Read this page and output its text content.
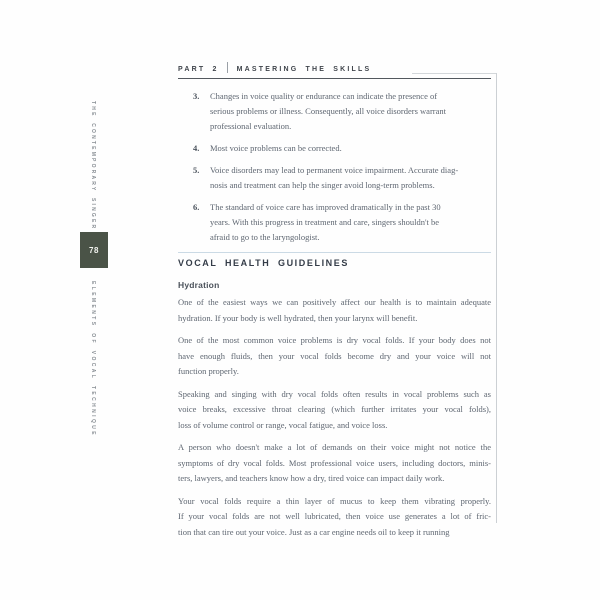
THE CONTEMPORARY SINGER
78
ELEMENTS OF VOCAL TECHNIQUE
PART 2	MASTERING THE SKILLS
3.	Changes in voice quality or endurance can indicate the presence of
serious problems or illness. Consequently, all voice disorders warrant
professional evaluation.
4.	Most voice problems can be corrected.
5.	Voice disorders may lead to permanent voice impairment. Accurate diag-
nosis and treatment can help the singer avoid long-term problems.
6.	The standard of voice care has improved dramatically in the past 30
years. With this progress in treatment and care, singers shouldn't be
afraid to go to the laryngologist.
VOCAL HEALTH GUIDELINES
Hydration
One of the easiest ways we can positively affect our health is to maintain adequate
hydration. If your body is well hydrated, then your larynx will benefit.
One of the most common voice problems is dry vocal folds. If your body does not
have enough fluids, then your vocal folds become dry and your voice will not
function properly.
Speaking and singing with dry vocal folds often results in vocal problems such as
voice breaks, excessive throat clearing (which further irritates your vocal folds),
loss of volume control or range, vocal fatigue, and voice loss.
A person who doesn't make a lot of demands on their voice might not notice the
symptoms of dry vocal folds. Most professional voice users, including doctors, minis-
ters, lawyers, and teachers know how a dry, tired voice can impact daily work.
Your vocal folds require a thin layer of mucus to keep them vibrating properly.
If your vocal folds are not well lubricated, then voice use generates a lot of fric-
tion that can tire out your voice. Just as a car engine needs oil to keep it running
